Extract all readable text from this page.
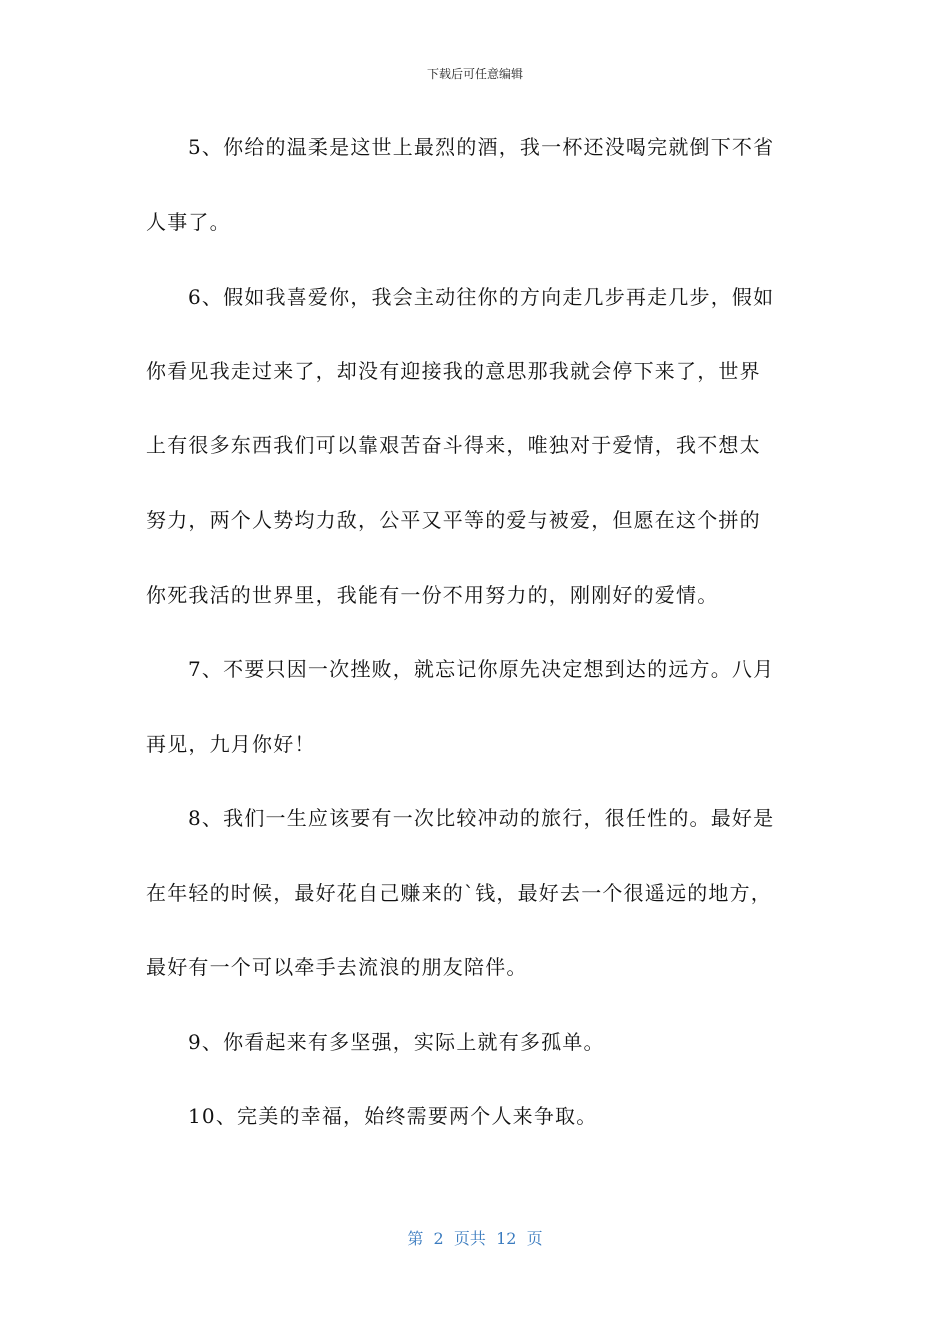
下载后可任意编辑
5、你给的温柔是这世上最烈的酒，我一杯还没喝完就倒下不省
人事了。
6、假如我喜爱你，我会主动往你的方向走几步再走几步，假如
你看见我走过来了，却没有迎接我的意思那我就会停下来了，世界
上有很多东西我们可以靠艰苦奋斗得来，唯独对于爱情，我不想太
努力，两个人势均力敌，公平又平等的爱与被爱，但愿在这个拼的
你死我活的世界里，我能有一份不用努力的，刚刚好的爱情。
7、不要只因一次挫败，就忘记你原先决定想到达的远方。八月
再见，九月你好！
8、我们一生应该要有一次比较冲动的旅行，很任性的。最好是
在年轻的时候，最好花自己赚来的`钱，最好去一个很遥远的地方，
最好有一个可以牵手去流浪的朋友陪伴。
9、你看起来有多坚强，实际上就有多孤单。
10、完美的幸福，始终需要两个人来争取。
第  2  页共  12  页
